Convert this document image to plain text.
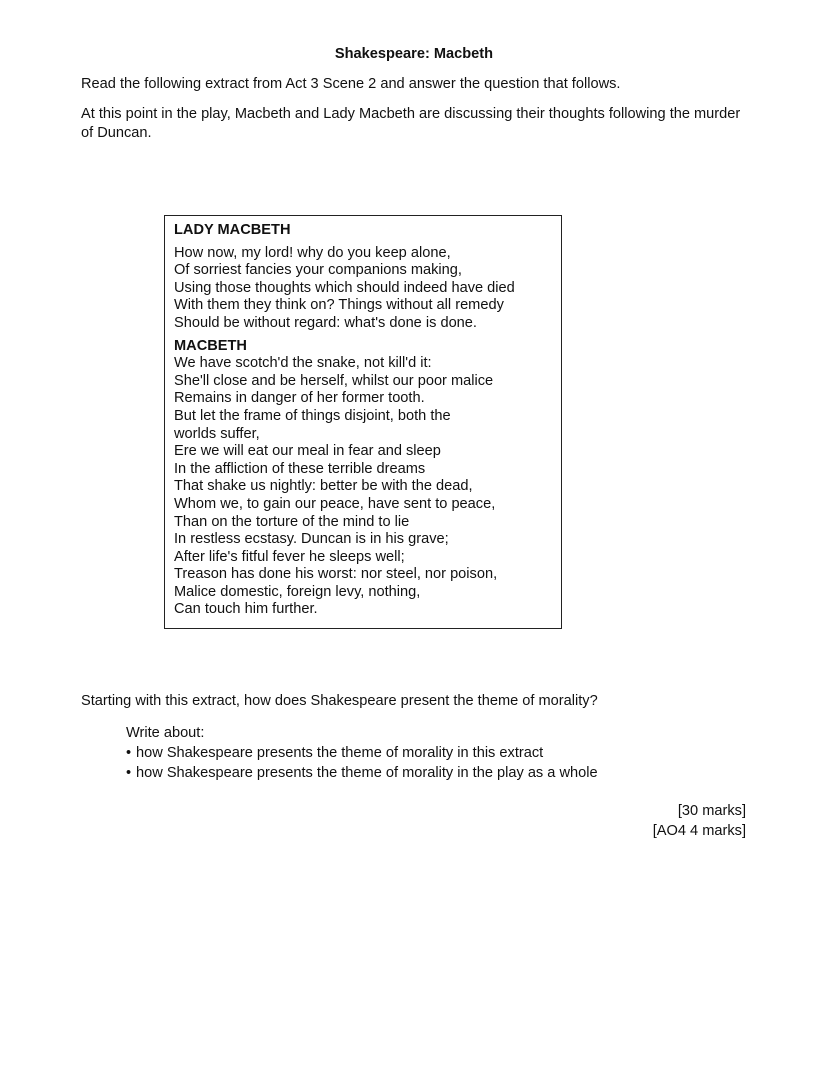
Shakespeare: Macbeth
Read the following extract from Act 3 Scene 2 and answer the question that follows.
At this point in the play, Macbeth and Lady Macbeth are discussing their thoughts following the murder of Duncan.
LADY MACBETH
How now, my lord! why do you keep alone,
Of sorriest fancies your companions making,
Using those thoughts which should indeed have died
With them they think on? Things without all remedy
Should be without regard: what's done is done.
MACBETH
We have scotch'd the snake, not kill'd it:
She'll close and be herself, whilst our poor malice
Remains in danger of her former tooth.
But let the frame of things disjoint, both the
worlds suffer,
Ere we will eat our meal in fear and sleep
In the affliction of these terrible dreams
That shake us nightly: better be with the dead,
Whom we, to gain our peace, have sent to peace,
Than on the torture of the mind to lie
In restless ecstasy. Duncan is in his grave;
After life's fitful fever he sleeps well;
Treason has done his worst: nor steel, nor poison,
Malice domestic, foreign levy, nothing,
Can touch him further.
Starting with this extract, how does Shakespeare present the theme of morality?
Write about:
• how Shakespeare presents the theme of morality in this extract
• how Shakespeare presents the theme of morality in the play as a whole
[30 marks]
[AO4 4 marks]
